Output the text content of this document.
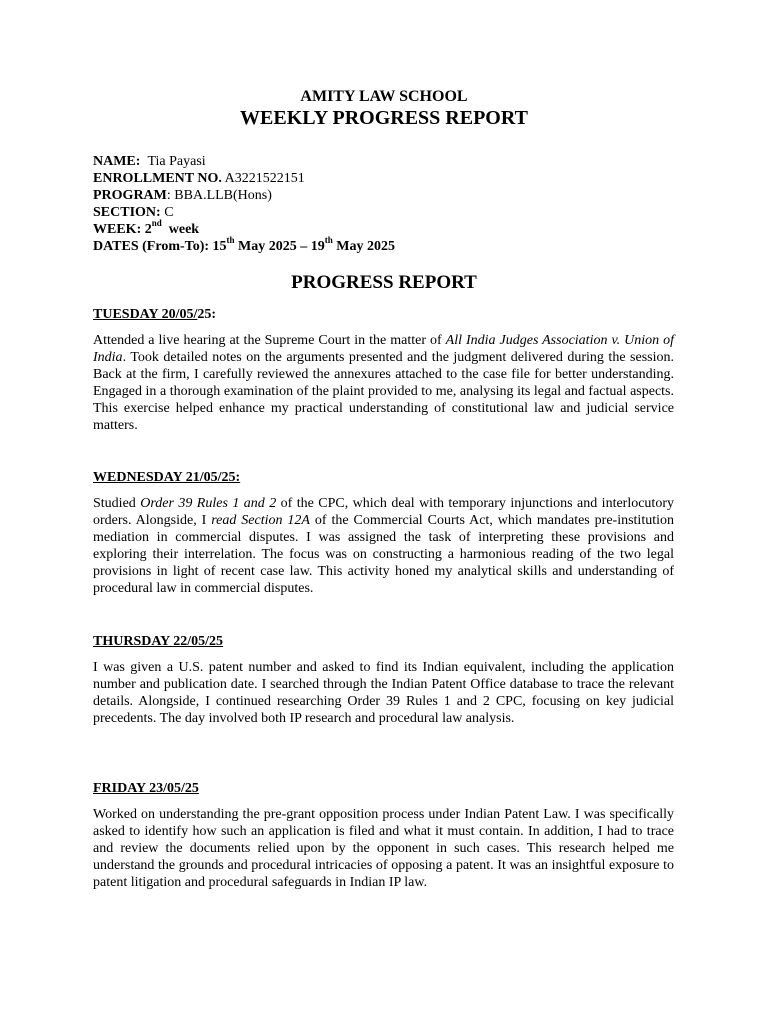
AMITY LAW SCHOOL
WEEKLY PROGRESS REPORT
NAME: Tia Payasi
ENROLLMENT NO. A3221522151
PROGRAM: BBA.LLB(Hons)
SECTION: C
WEEK: 2nd week
DATES (From-To): 15th May 2025 – 19th May 2025
PROGRESS REPORT
TUESDAY 20/05/25:
Attended a live hearing at the Supreme Court in the matter of All India Judges Association v. Union of India. Took detailed notes on the arguments presented and the judgment delivered during the session. Back at the firm, I carefully reviewed the annexures attached to the case file for better understanding. Engaged in a thorough examination of the plaint provided to me, analysing its legal and factual aspects. This exercise helped enhance my practical understanding of constitutional law and judicial service matters.
WEDNESDAY 21/05/25:
Studied Order 39 Rules 1 and 2 of the CPC, which deal with temporary injunctions and interlocutory orders. Alongside, I read Section 12A of the Commercial Courts Act, which mandates pre-institution mediation in commercial disputes. I was assigned the task of interpreting these provisions and exploring their interrelation. The focus was on constructing a harmonious reading of the two legal provisions in light of recent case law. This activity honed my analytical skills and understanding of procedural law in commercial disputes.
THURSDAY 22/05/25
I was given a U.S. patent number and asked to find its Indian equivalent, including the application number and publication date. I searched through the Indian Patent Office database to trace the relevant details. Alongside, I continued researching Order 39 Rules 1 and 2 CPC, focusing on key judicial precedents. The day involved both IP research and procedural law analysis.
FRIDAY 23/05/25
Worked on understanding the pre-grant opposition process under Indian Patent Law. I was specifically asked to identify how such an application is filed and what it must contain. In addition, I had to trace and review the documents relied upon by the opponent in such cases. This research helped me understand the grounds and procedural intricacies of opposing a patent. It was an insightful exposure to patent litigation and procedural safeguards in Indian IP law.
